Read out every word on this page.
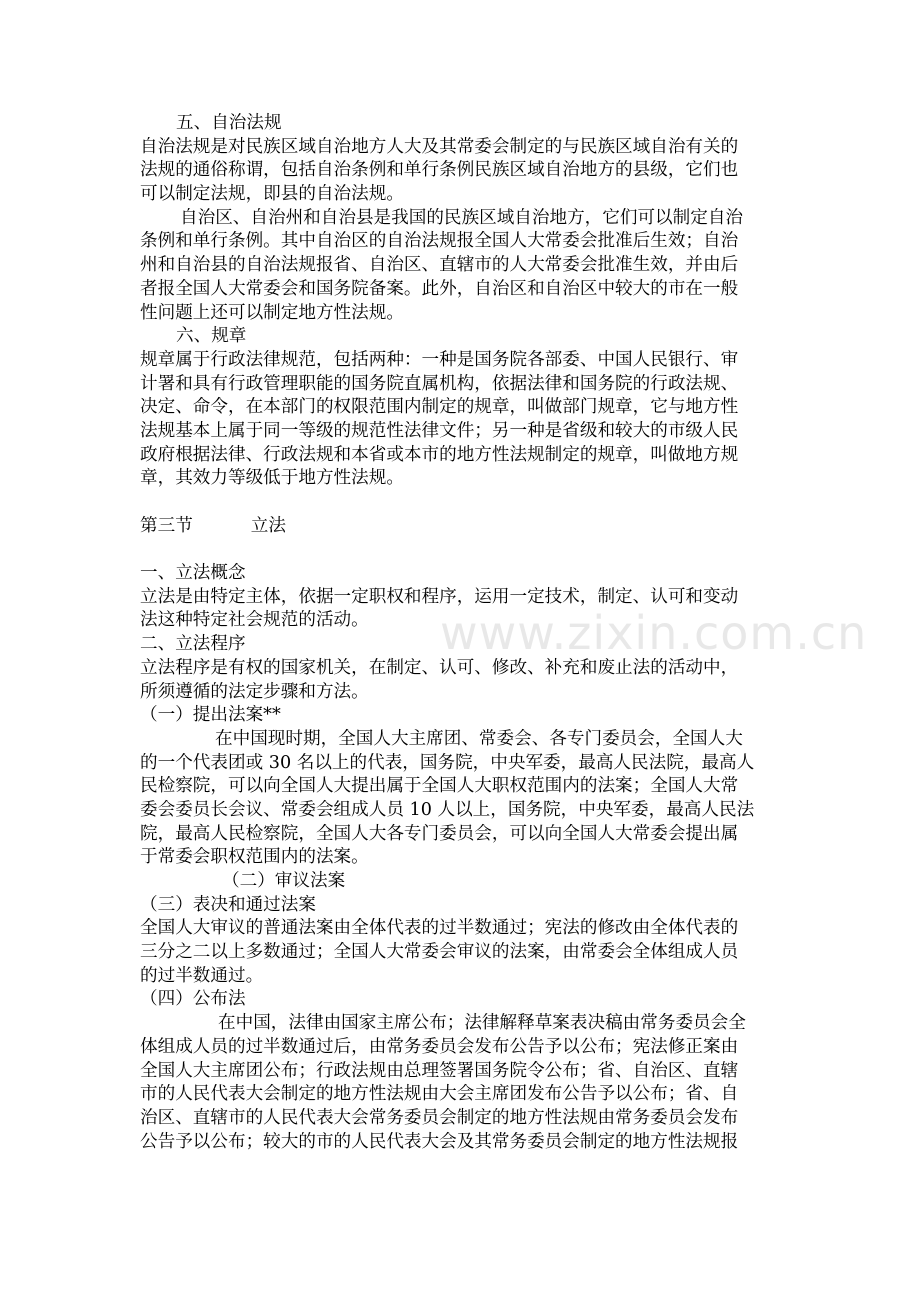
www.zixin.com.cn
五、自治法规
自治法规是对民族区域自治地方人大及其常委会制定的与民族区域自治有关的
法规的通俗称谓，包括自治条例和单行条例民族区域自治地方的县级，它们也
可以制定法规，即县的自治法规。
自治区、自治州和自治县是我国的民族区域自治地方，它们可以制定自治
条例和单行条例。其中自治区的自治法规报全国人大常委会批准后生效；自治
州和自治县的自治法规报省、自治区、直辖市的人大常委会批准生效，并由后
者报全国人大常委会和国务院备案。此外，自治区和自治区中较大的市在一般
性问题上还可以制定地方性法规。
六、规章
规章属于行政法律规范，包括两种：一种是国务院各部委、中国人民银行、审
计署和具有行政管理职能的国务院直属机构，依据法律和国务院的行政法规、
决定、命令，在本部门的权限范围内制定的规章，叫做部门规章，它与地方性
法规基本上属于同一等级的规范性法律文件；另一种是省级和较大的市级人民
政府根据法律、行政法规和本省或本市的地方性法规制定的规章，叫做地方规
章，其效力等级低于地方性法规。
第三节	立法
一、立法概念
立法是由特定主体，依据一定职权和程序，运用一定技术，制定、认可和变动
法这种特定社会规范的活动。
二、立法程序
立法程序是有权的国家机关，在制定、认可、修改、补充和废止法的活动中，
所须遵循的法定步骤和方法。
（一）提出法案**
在中国现时期，全国人大主席团、常委会、各专门委员会，全国人大
的一个代表团或 30 名以上的代表，国务院，中央军委，最高人民法院，最高人
民检察院，可以向全国人大提出属于全国人大职权范围内的法案；全国人大常
委会委员长会议、常委会组成人员 10 人以上，国务院，中央军委，最高人民法
院，最高人民检察院，全国人大各专门委员会，可以向全国人大常委会提出属
于常委会职权范围内的法案。
（二）审议法案
（三）表决和通过法案
全国人大审议的普通法案由全体代表的过半数通过；宪法的修改由全体代表的
三分之二以上多数通过；全国人大常委会审议的法案，由常委会全体组成人员
的过半数通过。
（四）公布法
在中国，法律由国家主席公布；法律解释草案表决稿由常务委员会全
体组成人员的过半数通过后，由常务委员会发布公告予以公布；宪法修正案由
全国人大主席团公布；行政法规由总理签署国务院令公布；省、自治区、直辖
市的人民代表大会制定的地方性法规由大会主席团发布公告予以公布；省、自
治区、直辖市的人民代表大会常务委员会制定的地方性法规由常务委员会发布
公告予以公布；较大的市的人民代表大会及其常务委员会制定的地方性法规报
